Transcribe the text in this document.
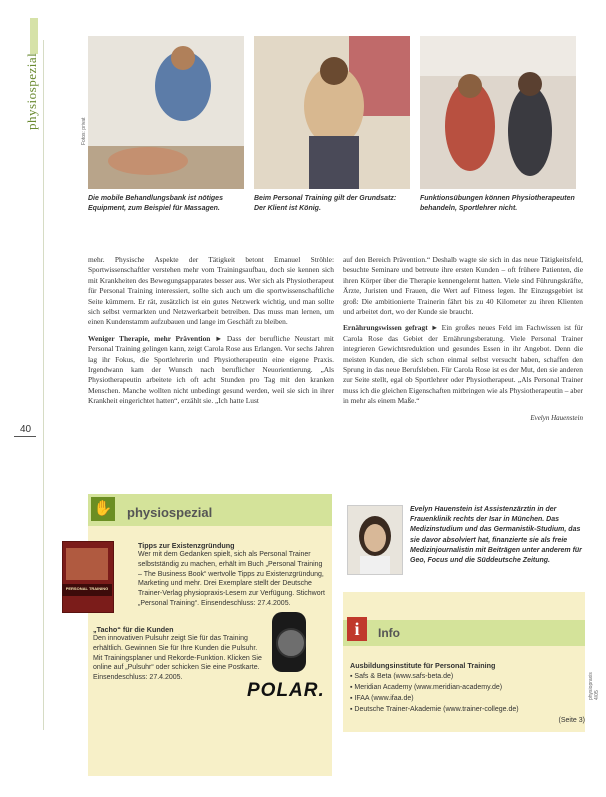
physiospezial
40
Die mobile Behandlungsbank ist nötiges Equipment, zum Beispiel für Massagen.
Fotos: privat
Beim Personal Training gilt der Grundsatz: Der Klient ist König.
Funktionsübungen können Physiotherapeuten behandeln, Sportlehrer nicht.

mehr. Physische Aspekte der Tätigkeit betont Emanuel Ströhle: Sportwissenschaftler verstehen mehr vom Trainingsaufbau, doch sie kennen sich mit Krankheiten des Bewegungsapparates besser aus. Wer sich als Physiotherapeut für Personal Training interessiert, sollte sich auch um die sportwissenschaftliche Seite kümmern. Er rät, zusätzlich ist ein gutes Netzwerk wichtig, und man sollte sich selbst vermarkten und Netzwerkarbeit betreiben. Das muss man lernen, um einen Kundenstamm aufzubauen und lange im Geschäft zu bleiben.

Weniger Therapie, mehr Prävention ► Dass der berufliche Neustart mit Personal Training gelingen kann, zeigt Carola Rose aus Erlangen. Vor sechs Jahren lag ihr Fokus, die Sportlehrerin und Physiotherapeutin eine eigene Praxis. Irgendwann kam der Wunsch nach beruflicher Neuorientierung. „Als Physiotherapeutin arbeitete ich oft acht Stunden pro Tag mit den kranken Menschen. Manche wollten nicht unbedingt gesund werden, weil sie sich in ihrer Krankheit eingerichtet hatten“, erzählt sie. „Ich hatte Lust

auf den Bereich Prävention.“ Deshalb wagte sie sich in das neue Tätigkeitsfeld, besuchte Seminare und betreute ihre ersten Kunden – oft frühere Patienten, die ihren Körper über die Therapie kennengelernt hatten. Viele sind Führungskräfte, Ärzte, Juristen und Frauen, die Wert auf Fitness legen. Ihr Einzugsgebiet ist groß: Die ambitionierte Trainerin fährt bis zu 40 Kilometer zu ihren Klienten und arbeitet dort, wo der Kunde sie braucht.

Ernährungswissen gefragt ► Ein großes neues Feld im Fachwissen ist für Carola Rose das Gebiet der Ernährungsberatung. Viele Personal Trainer integrieren Gewichtsreduktion und gesundes Essen in ihr Angebot. Denn die meisten Kunden, die sich schon einmal selbst versucht haben, schaffen den Sprung in das neue Berufsleben. Für Carola Rose ist es der Mut, den sie anderen zur Seite stellt, egal ob Sportlehrer oder Physiotherapeut. „Als Personal Trainer muss ich die gleichen Eigenschaften mitbringen wie als Physiotherapeutin – aber in mehr als einem Maße.“

Evelyn Hauenstein
✋ physiospezial
PERSONAL TRAINING
Tipps zur Existenzgründung
Wer mit dem Gedanken spielt, sich als Personal Trainer selbstständig zu machen, erhält im Buch „Personal Training – The Business Book“ wertvolle Tipps zu Existenzgründung, Marketing und mehr. Drei Exemplare stellt der Deutsche Trainer-Verlag physiopraxis-Lesern zur Verfügung. Stichwort „Personal Training“. Einsendeschluss: 27.4.2005.
„Tacho“ für die Kunden
Den innovativen Pulsuhr zeigt Sie für das Training erhältlich. Gewinnen Sie für Ihre Kunden die Pulsuhr. Mit Trainingsplaner und Rekorde-Funktion. Klicken Sie online auf „Pulsuhr“ oder schicken Sie eine Postkarte. Einsendeschluss: 27.4.2005.
POLAR.
Evelyn Hauenstein ist Assistenzärztin in der Frauenklinik rechts der Isar in München. Das Medizinstudium und das Germanistik-Studium, das sie davor absolviert hat, finanzierte sie als freie Medizinjournalistin mit Beiträgen unter anderem für Geo, Focus und die Süddeutsche Zeitung.
i	Info
Ausbildungsinstitute für Personal Training
▪ Safs & Beta (www.safs-beta.de)
▪ Meridian Academy (www.meridian-academy.de)
▪ IFAA (www.ifaa.de)
▪ Deutsche Trainer-Akademie (www.trainer-college.de)
(Seite 3)
physiopraxis 4/05
